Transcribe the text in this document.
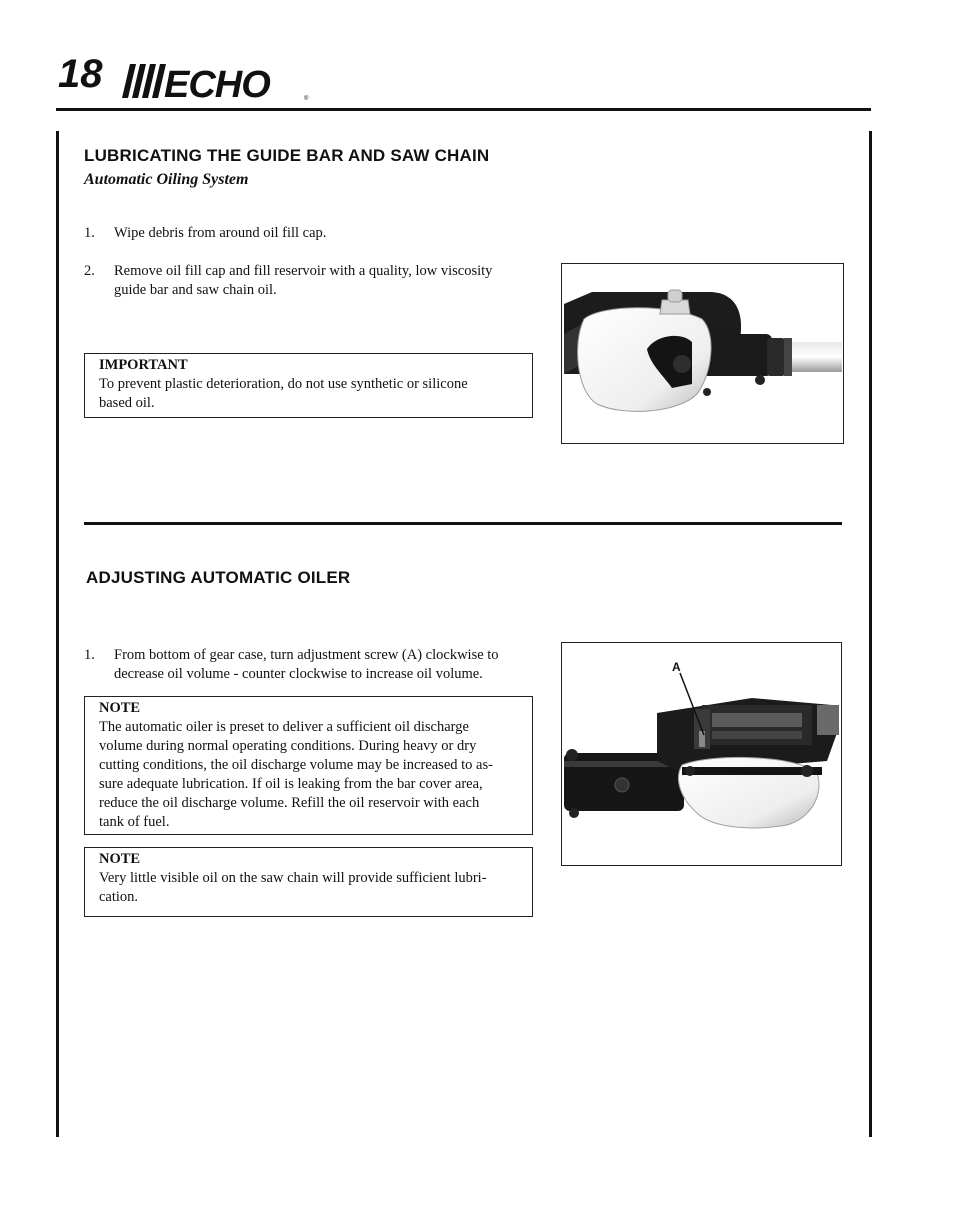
18 ECHO	®
LUBRICATING THE GUIDE BAR AND SAW CHAIN
Automatic Oiling System
1. Wipe debris from around oil fill cap.
2. Remove oil fill cap and fill reservoir with a quality, low viscosity
guide bar and saw chain oil.
IMPORTANT
To prevent plastic deterioration, do not use synthetic or silicone
based oil.
ADJUSTING AUTOMATIC OILER
1. From bottom of gear case, turn adjustment screw (A) clockwise to
decrease oil volume - counter clockwise to increase oil volume.
NOTE
The automatic oiler is preset to deliver a sufficient oil discharge
volume during normal operating conditions. During heavy or dry
cutting conditions, the oil discharge volume may be increased to as-
sure adequate lubrication. If oil is leaking from the bar cover area,
reduce the oil discharge volume. Refill the oil reservoir with each
tank of fuel.
NOTE
Very little visible oil on the saw chain will provide sufficient lubri-
cation.
A
